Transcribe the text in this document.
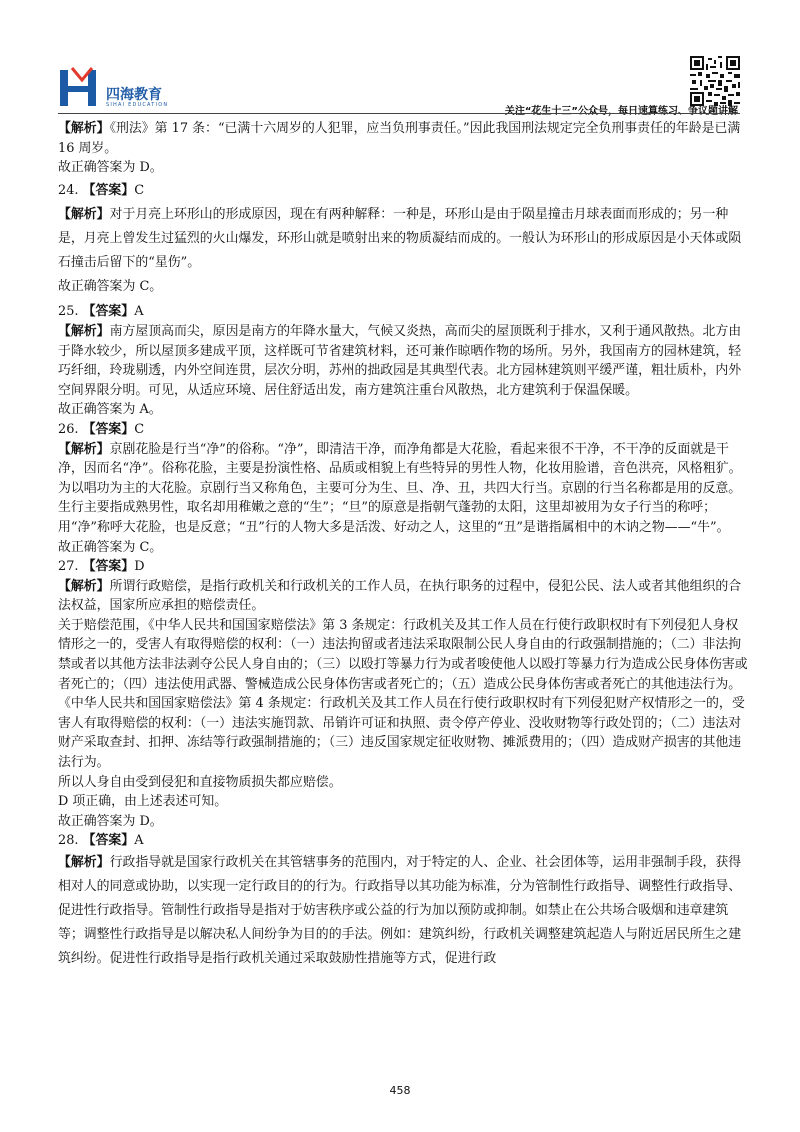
四海教育
SIHAI EDUCATION
关注“花生十三”公众号，每日速算练习、争议题讲解

【解析】《刑法》第 17 条：“已满十六周岁的人犯罪，应当负刑事责任。”因此我国刑法规定完全负刑事责任的年龄是已满 16 周岁。

故正确答案为 D。

24. 【答案】C

【解析】对于月亮上环形山的形成原因，现在有两种解释：一种是，环形山是由于陨星撞击月球表面而形成的；另一种是，月亮上曾发生过猛烈的火山爆发，环形山就是喷射出来的物质凝结而成的。一般认为环形山的形成原因是小天体或陨石撞击后留下的“星伤”。

故正确答案为 C。

25. 【答案】A

【解析】南方屋顶高而尖，原因是南方的年降水量大，气候又炎热，高而尖的屋顶既利于排水，又利于通风散热。北方由于降水较少，所以屋顶多建成平顶，这样既可节省建筑材料，还可兼作晾晒作物的场所。另外，我国南方的园林建筑，轻巧纤细，玲珑剔透，内外空间连贯，层次分明，苏州的拙政园是其典型代表。北方园林建筑则平缓严谨，粗壮质朴，内外空间界限分明。可见，从适应环境、居住舒适出发，南方建筑注重台风散热，北方建筑利于保温保暖。

故正确答案为 A。

26. 【答案】C

【解析】京剧花脸是行当“净”的俗称。“净”，即清洁干净，而净角都是大花脸，看起来很不干净，不干净的反面就是干净，因而名“净”。俗称花脸，主要是扮演性格、品质或相貌上有些特异的男性人物，化妆用脸谱，音色洪亮，风格粗犷。为以唱功为主的大花脸。京剧行当又称角色，主要可分为生、旦、净、丑，共四大行当。京剧的行当名称都是用的反意。生行主要指成熟男性，取名却用稚嫩之意的“生”；“旦”的原意是指朝气蓬勃的太阳，这里却被用为女子行当的称呼；用“净”称呼大花脸，也是反意；“丑”行的人物大多是活泼、好动之人，这里的“丑”是谐指属相中的木讷之物——“牛”。

故正确答案为 C。

27. 【答案】D

【解析】所谓行政赔偿，是指行政机关和行政机关的工作人员，在执行职务的过程中，侵犯公民、法人或者其他组织的合法权益，国家所应承担的赔偿责任。

关于赔偿范围，《中华人民共和国国家赔偿法》第 3 条规定：行政机关及其工作人员在行使行政职权时有下列侵犯人身权情形之一的，受害人有取得赔偿的权利：（一）违法拘留或者违法采取限制公民人身自由的行政强制措施的；（二）非法拘禁或者以其他方法非法剥夺公民人身自由的；（三）以殴打等暴力行为或者唆使他人以殴打等暴力行为造成公民身体伤害或者死亡的；（四）违法使用武器、警械造成公民身体伤害或者死亡的；（五）造成公民身体伤害或者死亡的其他违法行为。《中华人民共和国国家赔偿法》第 4 条规定：行政机关及其工作人员在行使行政职权时有下列侵犯财产权情形之一的，受害人有取得赔偿的权利：（一）违法实施罚款、吊销许可证和执照、责令停产停业、没收财物等行政处罚的；（二）违法对财产采取查封、扣押、冻结等行政强制措施的；（三）违反国家规定征收财物、摊派费用的；（四）造成财产损害的其他违法行为。

所以人身自由受到侵犯和直接物质损失都应赔偿。

D 项正确，由上述表述可知。

故正确答案为 D。

28. 【答案】A

【解析】行政指导就是国家行政机关在其管辖事务的范围内，对于特定的人、企业、社会团体等，运用非强制手段，获得相对人的同意或协助，以实现一定行政目的的行为。行政指导以其功能为标准，分为管制性行政指导、调整性行政指导、促进性行政指导。管制性行政指导是指对于妨害秩序或公益的行为加以预防或抑制。如禁止在公共场合吸烟和违章建筑等；调整性行政指导是以解决私人间纷争为目的的手法。例如：建筑纠纷，行政机关调整建筑起造人与附近居民所生之建筑纠纷。促进性行政指导是指行政机关通过采取鼓励性措施等方式，促进行政

458
